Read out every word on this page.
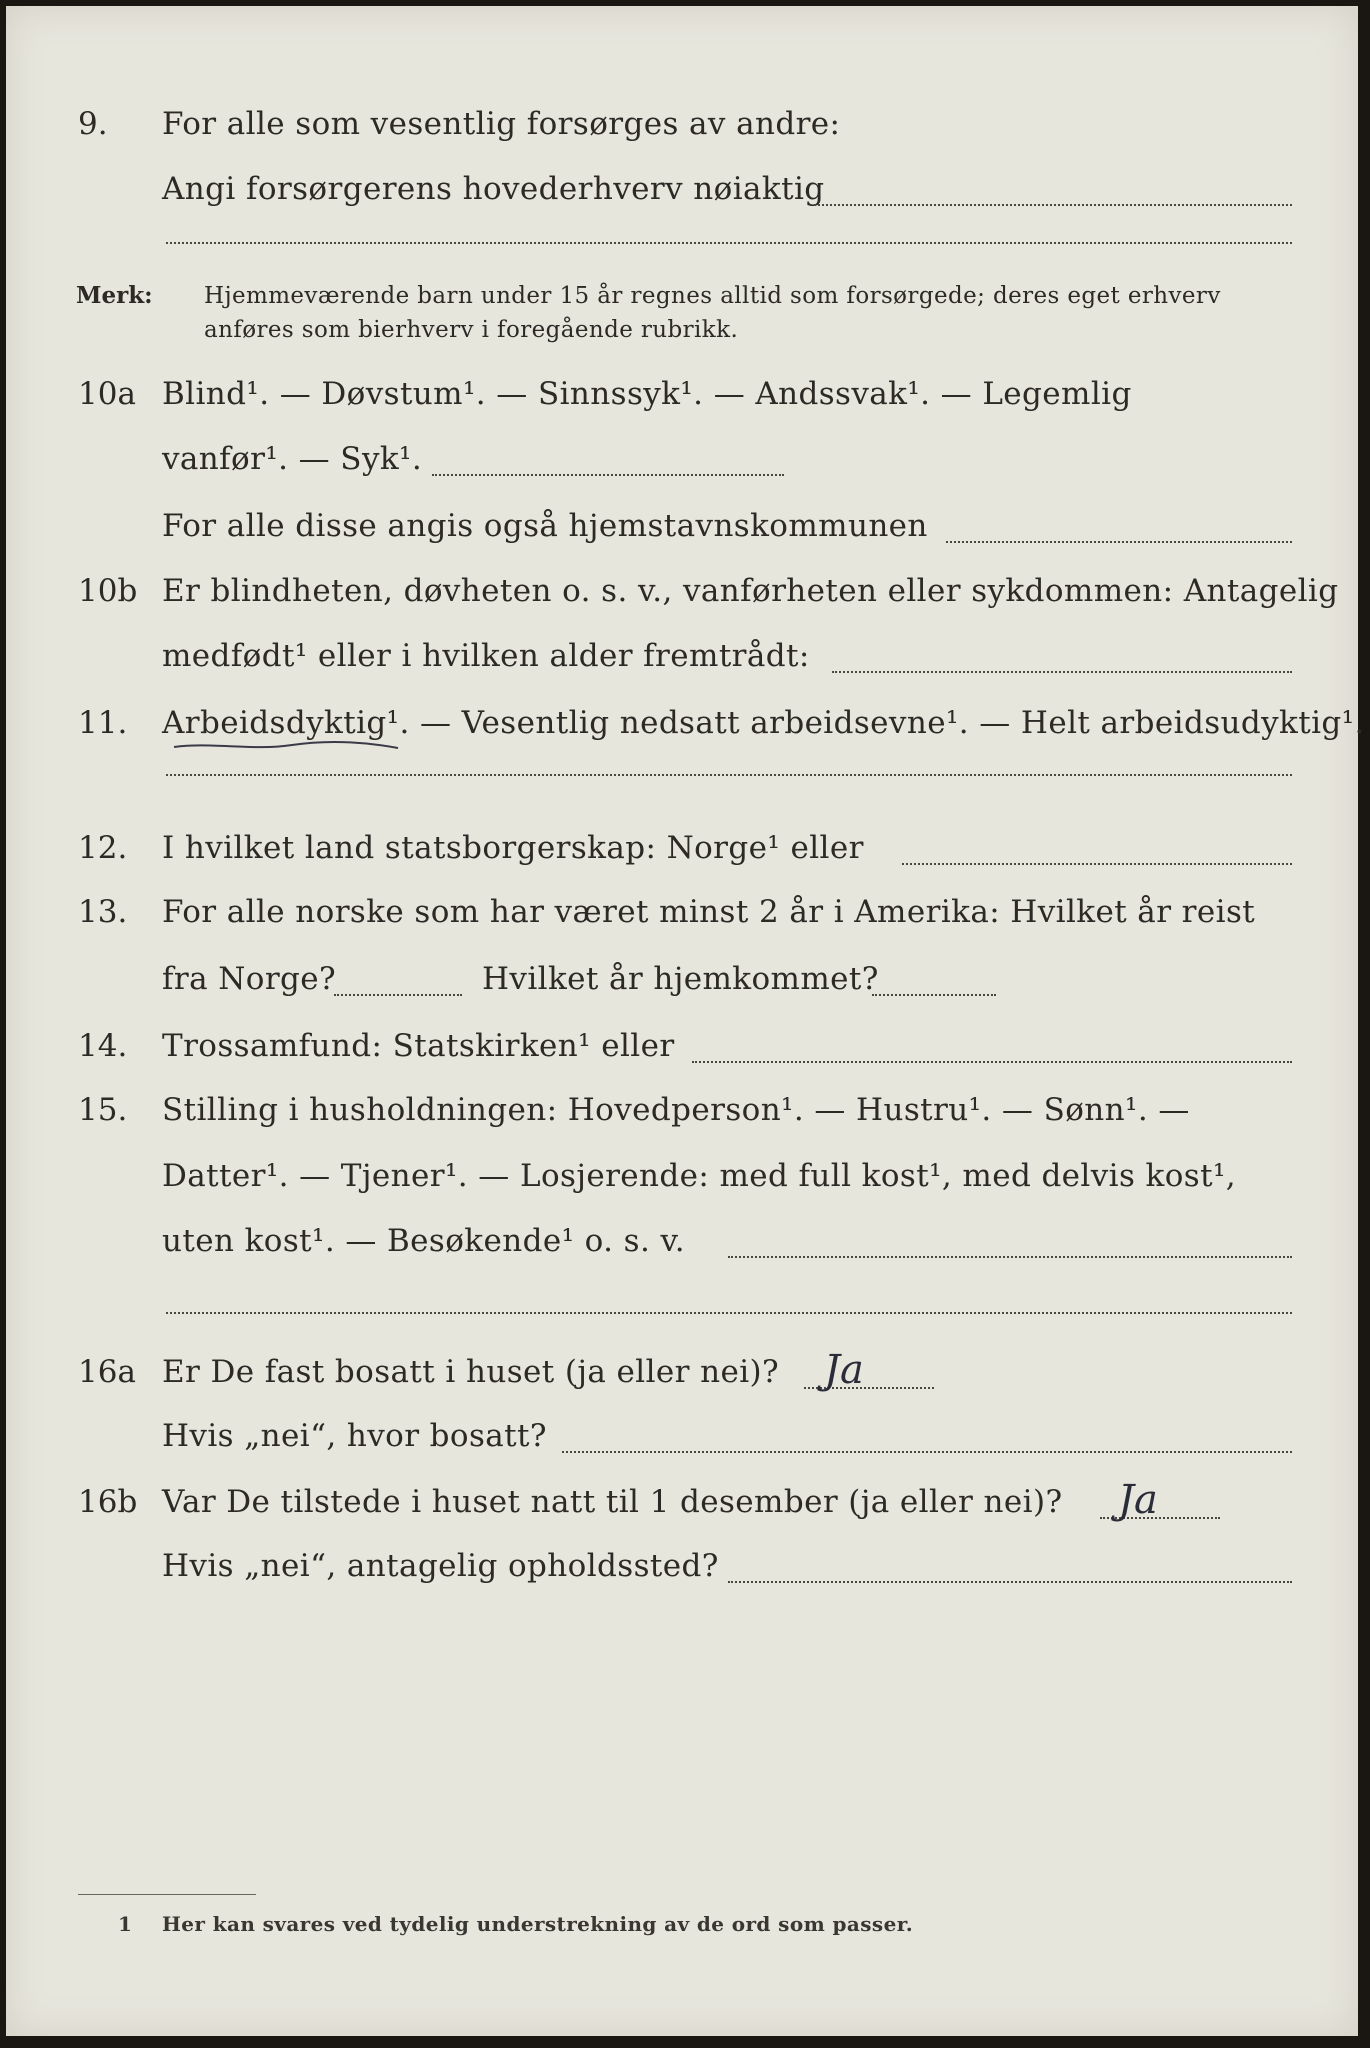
9. For alle som vesentlig forsørges av andre:
Angi forsørgerens hovederhverv nøiaktig
Merk: Hjemmeværende barn under 15 år regnes alltid som forsørgede; deres eget erhverv
anføres som bierhverv i foregående rubrikk.
10a Blind¹. — Døvstum¹. — Sinnssyk¹. — Andssvak¹. — Legemlig
vanfør¹. — Syk¹.
For alle disse angis også hjemstavnskommunen
10b Er blindheten, døvheten o. s. v., vanførheten eller sykdommen: Antagelig
medfødt¹ eller i hvilken alder fremtrådt:
11. Arbeidsdyktig¹. — Vesentlig nedsatt arbeidsevne¹. — Helt arbeidsudyktig¹.
12. I hvilket land statsborgerskap: Norge¹ eller
13. For alle norske som har været minst 2 år i Amerika: Hvilket år reist
fra Norge?	Hvilket år hjemkommet?
14. Trossamfund: Statskirken¹ eller
15. Stilling i husholdningen: Hovedperson¹. — Hustru¹. — Sønn¹. —
Datter¹. — Tjener¹. — Losjerende: med full kost¹, med delvis kost¹,
uten kost¹. — Besøkende¹ o. s. v.
16a Er De fast bosatt i huset (ja eller nei)? Ja
Hvis „nei“, hvor bosatt?
16b Var De tilstede i huset natt til 1 desember (ja eller nei)? Ja
Hvis „nei“, antagelig opholdssted?
1 Her kan svares ved tydelig understrekning av de ord som passer.
